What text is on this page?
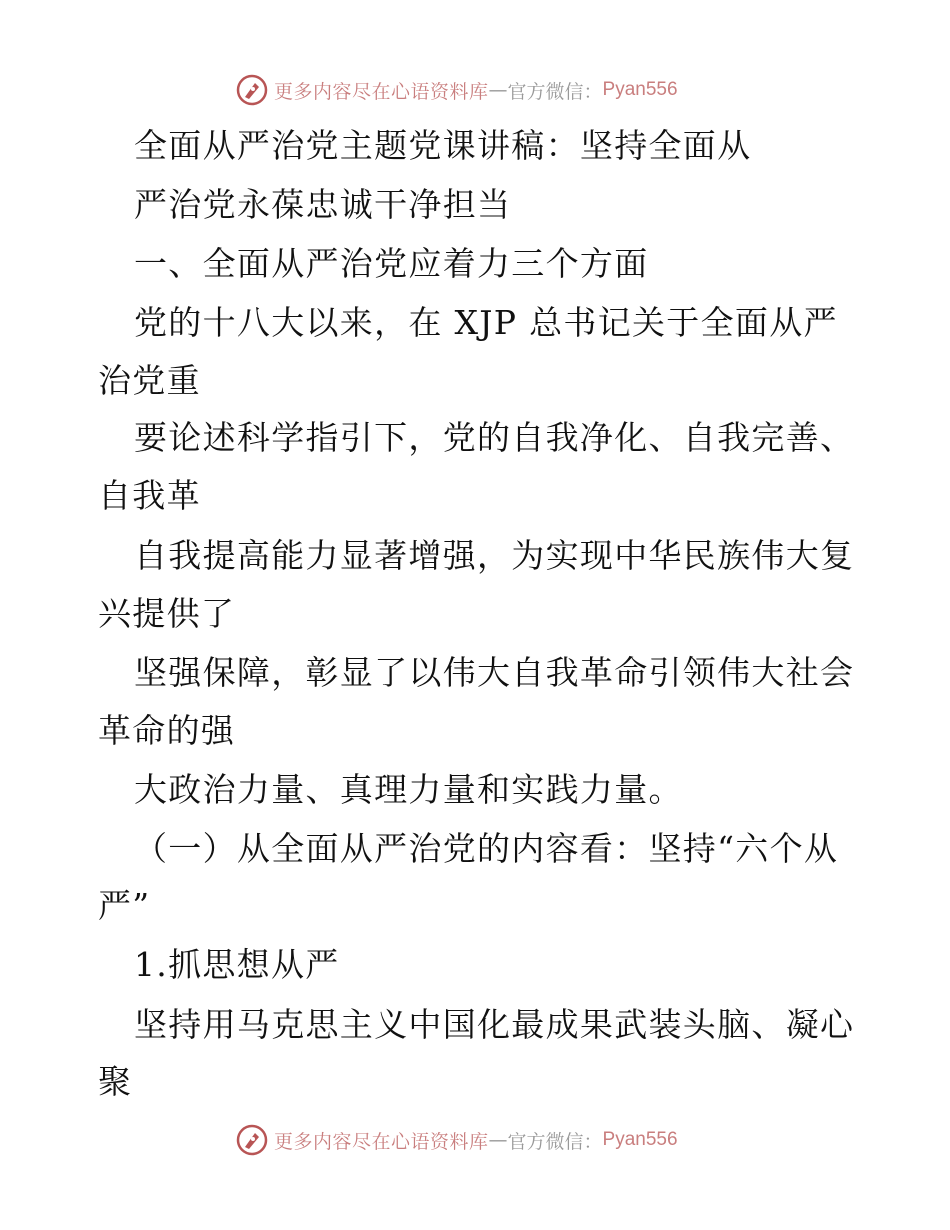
更多内容尽在心语资料库 — 官方微信： Pyan556
全面从严治党主题党课讲稿：坚持全面从
严治党永葆忠诚干净担当
一、全面从严治党应着力三个方面
党的十八大以来，在 XJP 总书记关于全面从严
治党重
要论述科学指引下，党的自我净化、自我完善、
自我革
自我提高能力显著增强，为实现中华民族伟大复
兴提供了
坚强保障，彰显了以伟大自我革命引领伟大社会
革命的强
大政治力量、真理力量和实践力量。
（一）从全面从严治党的内容看：坚持“六个从
严”
1.抓思想从严
坚持用马克思主义中国化最成果武装头脑、凝心
聚
更多内容尽在心语资料库 — 官方微信： Pyan556
